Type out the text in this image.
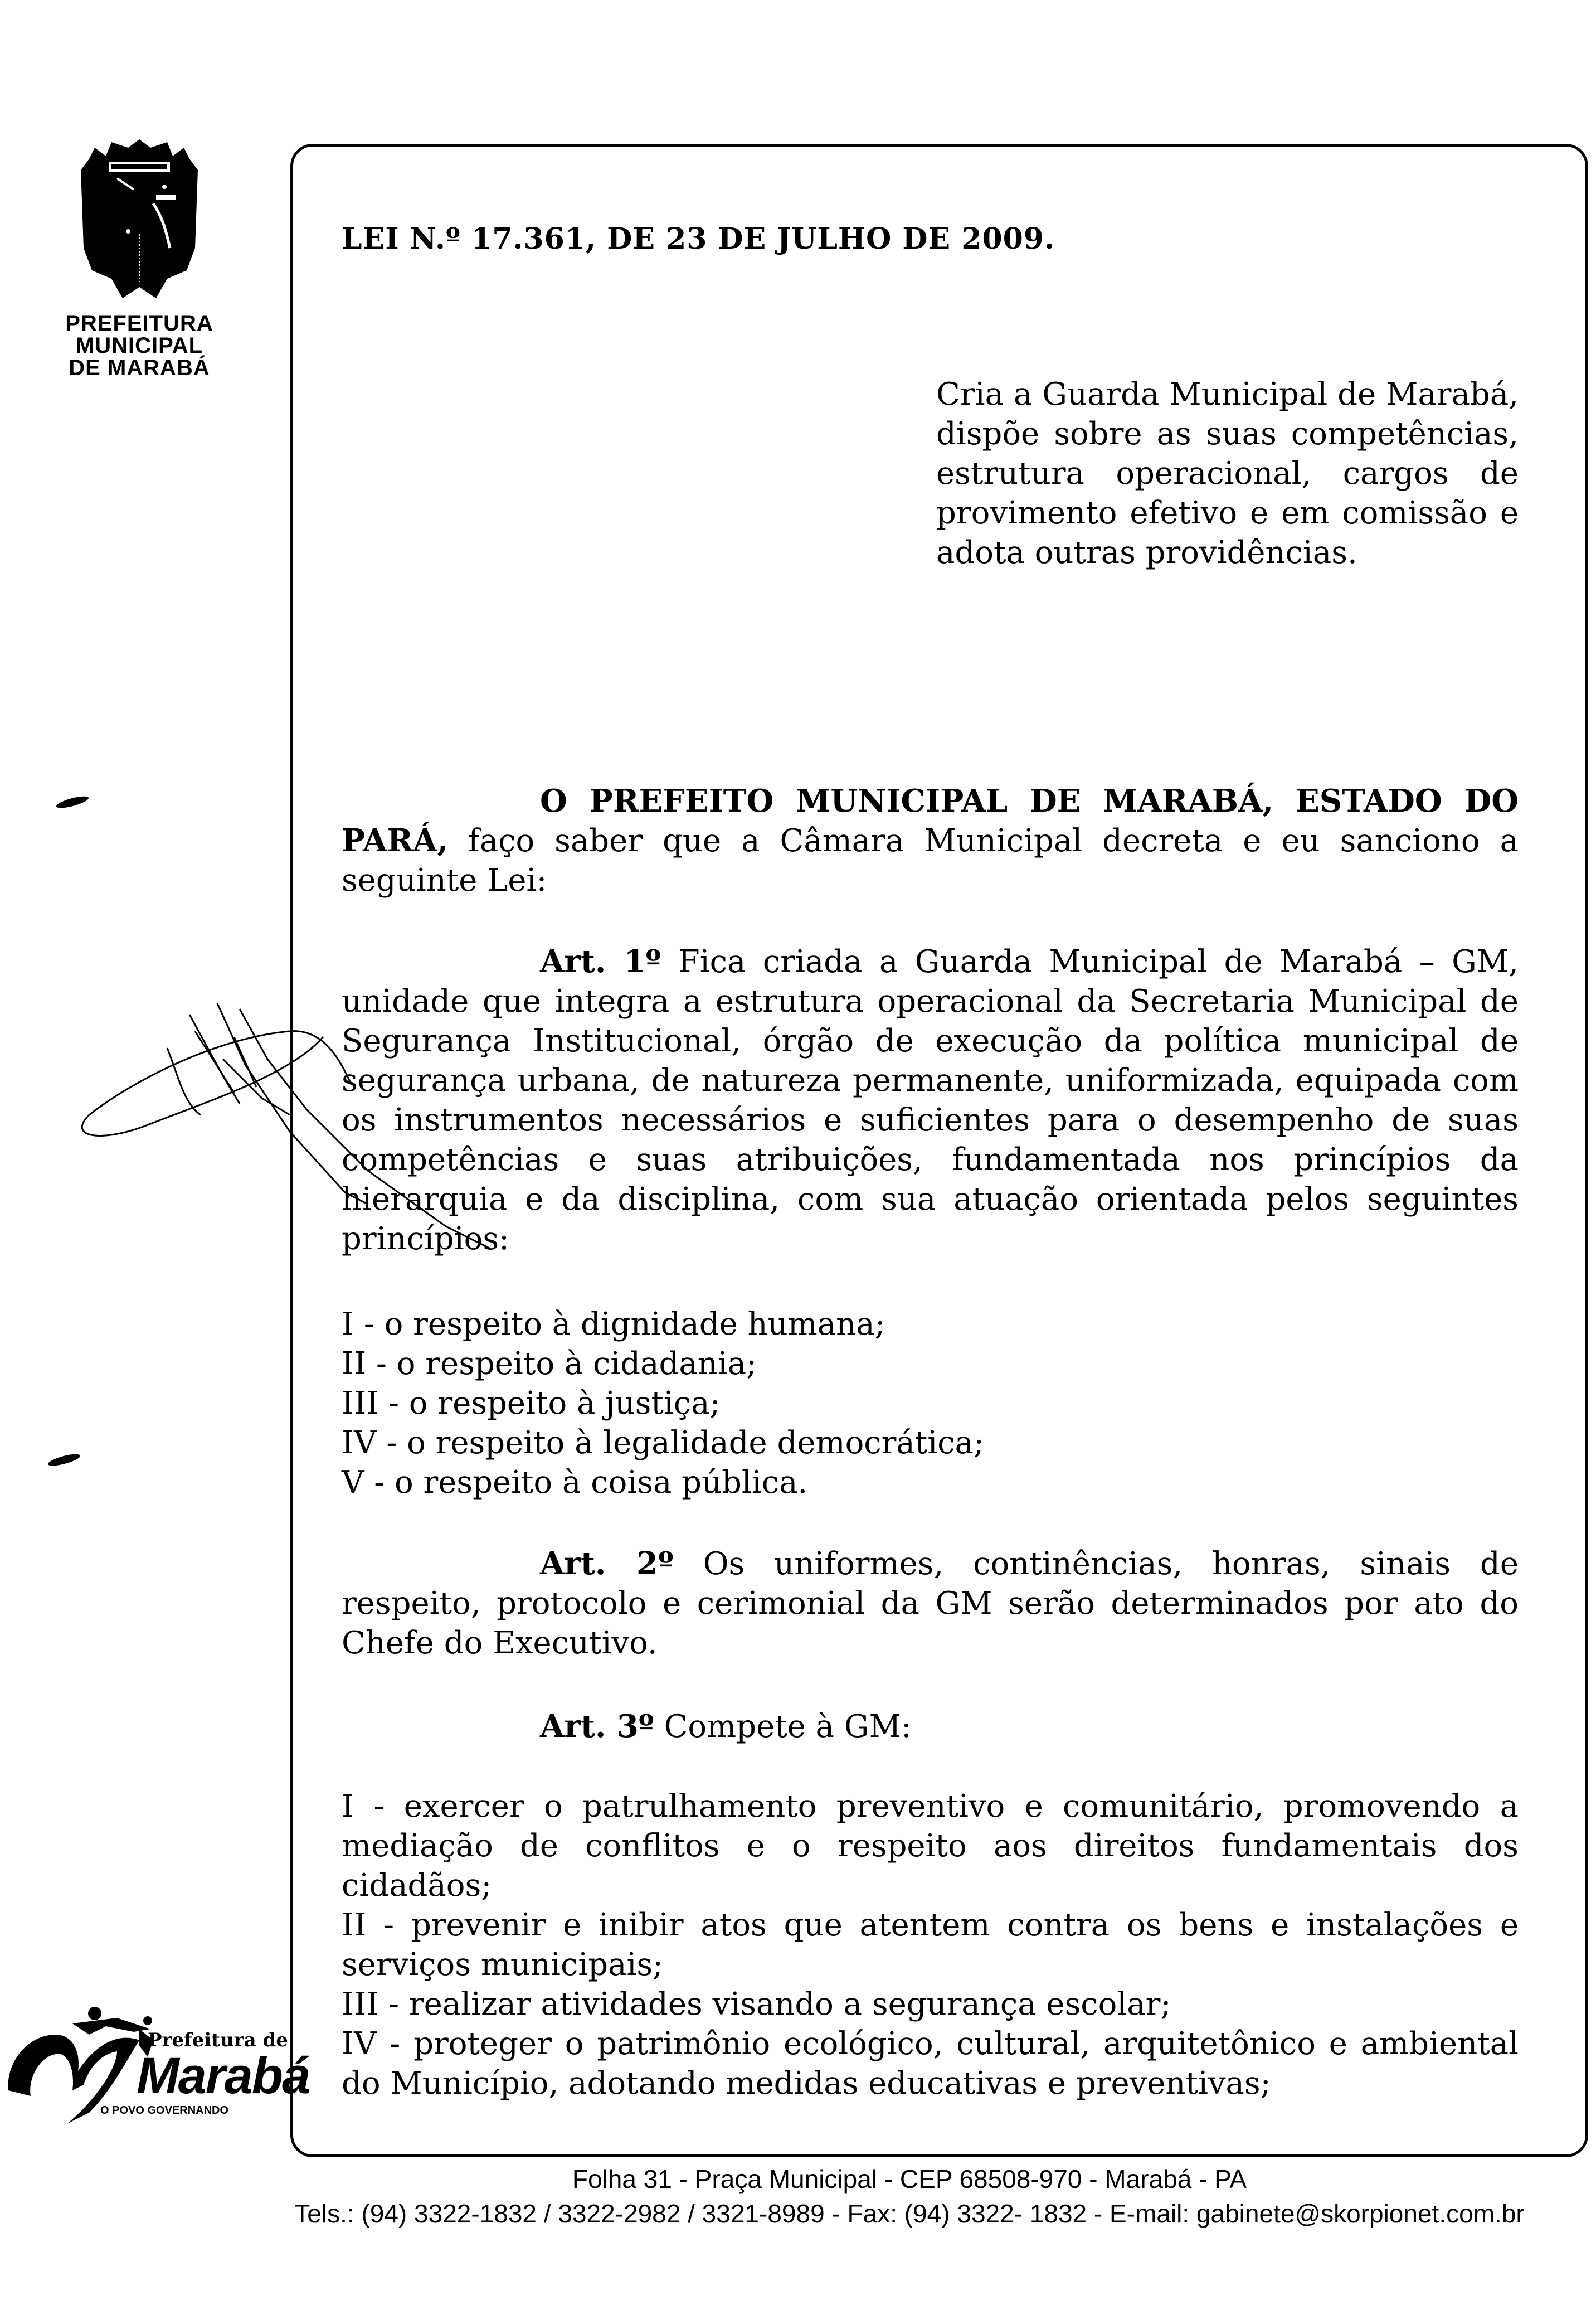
PREFEITURA
MUNICIPAL
DE MARABÁ
LEI N.º 17.361, DE 23 DE JULHO DE 2009.
Cria a Guarda Municipal de Marabá, dispõe sobre as suas competências, estrutura operacional, cargos de provimento efetivo e em comissão e adota outras providências.
O PREFEITO MUNICIPAL DE MARABÁ, ESTADO DO PARÁ, faço saber que a Câmara Municipal decreta e eu sanciono a seguinte Lei:
Art. 1º Fica criada a Guarda Municipal de Marabá – GM, unidade que integra a estrutura operacional da Secretaria Municipal de Segurança Institucional, órgão de execução da política municipal de segurança urbana, de natureza permanente, uniformizada, equipada com os instrumentos necessários e suficientes para o desempenho de suas competências e suas atribuições, fundamentada nos princípios da hierarquia e da disciplina, com sua atuação orientada pelos seguintes princípios:
I - o respeito à dignidade humana;
II - o respeito à cidadania;
III - o respeito à justiça;
IV - o respeito à legalidade democrática;
V - o respeito à coisa pública.
Art. 2º Os uniformes, continências, honras, sinais de respeito, protocolo e cerimonial da GM serão determinados por ato do Chefe do Executivo.
Art. 3º Compete à GM:
I - exercer o patrulhamento preventivo e comunitário, promovendo a mediação de conflitos e o respeito aos direitos fundamentais dos cidadãos;
II - prevenir e inibir atos que atentem contra os bens e instalações e serviços municipais;
III - realizar atividades visando a segurança escolar;
IV - proteger o patrimônio ecológico, cultural, arquitetônico e ambiental do Município, adotando medidas educativas e preventivas;
Prefeitura de
Marabá
O POVO GOVERNANDO
Folha 31 - Praça Municipal - CEP 68508-970 - Marabá - PA
Tels.: (94) 3322-1832 / 3322-2982 / 3321-8989 - Fax: (94) 3322- 1832 - E-mail: gabinete@skorpionet.com.br
